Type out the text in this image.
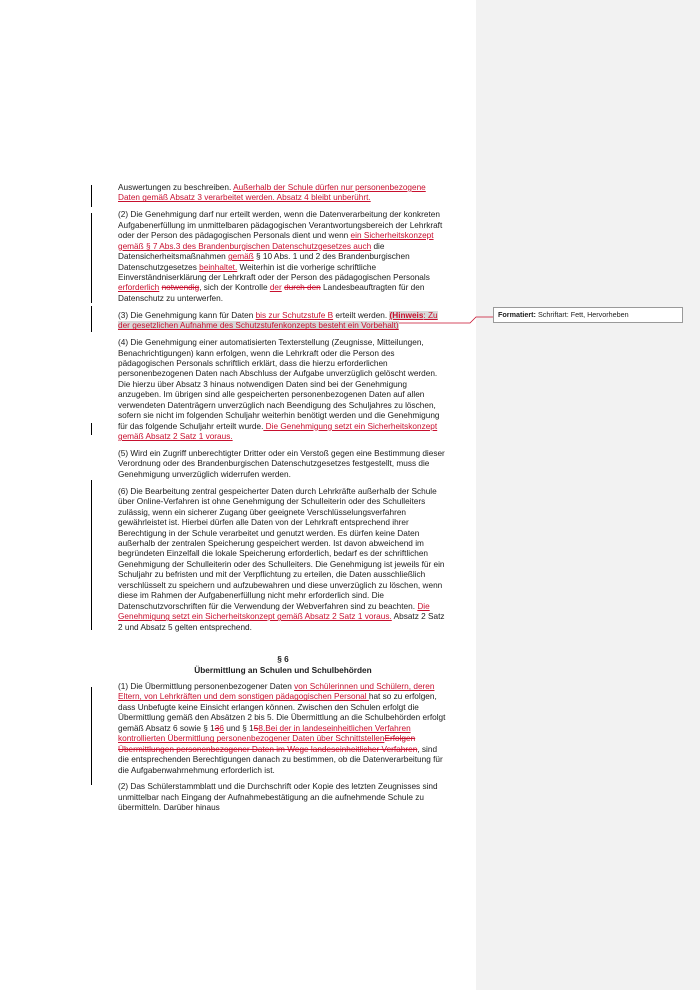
Formatiert: Schriftart: Fett, Hervorheben

Auswertungen zu beschreiben. Außerhalb der Schule dürfen nur personenbezogene Daten gemäß Absatz 3 verarbeitet werden. Absatz 4 bleibt unberührt.

(2) Die Genehmigung darf nur erteilt werden, wenn die Datenverarbeitung der konkreten Aufgabenerfüllung im unmittelbaren pädagogischen Verantwortungsbereich der Lehrkraft oder der Person des pädagogischen Personals dient und wenn ein Sicherheitskonzept gemäß § 7 Abs.3 des Brandenburgischen Datenschutzgesetzes auch die Datensicherheitsmaßnahmen gemäß § 10 Abs. 1 und 2 des Brandenburgischen Datenschutzgesetzes beinhaltet. Weiterhin ist die vorherige schriftliche Einverständniserklärung der Lehrkraft oder der Person des pädagogischen Personals erforderlich notwendig, sich der Kontrolle der durch den Landesbeauftragten für den Datenschutz zu unterwerfen.

(3) Die Genehmigung kann für Daten bis zur Schutzstufe B erteilt werden. (Hinweis: Zu der gesetzlichen Aufnahme des Schutzstufenkonzepts besteht ein Vorbehalt)

(4) Die Genehmigung einer automatisierten Texterstellung (Zeugnisse, Mitteilungen, Benachrichtigungen) kann erfolgen, wenn die Lehrkraft oder die Person des pädagogischen Personals schriftlich erklärt, dass die hierzu erforderlichen personenbezogenen Daten nach Abschluss der Aufgabe unverzüglich gelöscht werden. Die hierzu über Absatz 3 hinaus notwendigen Daten sind bei der Genehmigung anzugeben. Im übrigen sind alle gespeicherten personenbezogenen Daten auf allen verwendeten Datenträgern unverzüglich nach Beendigung des Schuljahres zu löschen, sofern sie nicht im folgenden Schuljahr weiterhin benötigt werden und die Genehmigung für das folgende Schuljahr erteilt wurde. Die Genehmigung setzt ein Sicherheitskonzept gemäß Absatz 2 Satz 1 voraus.

(5) Wird ein Zugriff unberechtigter Dritter oder ein Verstoß gegen eine Bestimmung dieser Verordnung oder des Brandenburgischen Datenschutzgesetzes festgestellt, muss die Genehmigung unverzüglich widerrufen werden.

(6) Die Bearbeitung zentral gespeicherter Daten durch Lehrkräfte außerhalb der Schule über Online-Verfahren ist ohne Genehmigung der Schulleiterin oder des Schulleiters zulässig, wenn ein sicherer Zugang über geeignete Verschlüsselungsverfahren gewährleistet ist. Hierbei dürfen alle Daten von der Lehrkraft entsprechend ihrer Berechtigung in der Schule verarbeitet und genutzt werden. Es dürfen keine Daten außerhalb der zentralen Speicherung gespeichert werden. Ist davon abweichend im begründeten Einzelfall die lokale Speicherung erforderlich, bedarf es der schriftlichen Genehmigung der Schulleiterin oder des Schulleiters. Die Genehmigung ist jeweils für ein Schuljahr zu befristen und mit der Verpflichtung zu erteilen, die Daten ausschließlich verschlüsselt zu speichern und aufzubewahren und diese unverzüglich zu löschen, wenn diese im Rahmen der Aufgabenerfüllung nicht mehr erforderlich sind. Die Datenschutzvorschriften für die Verwendung der Webverfahren sind zu beachten. Die Genehmigung setzt ein Sicherheitskonzept gemäß Absatz 2 Satz 1 voraus. Absatz 2 Satz 2 und Absatz 5 gelten entsprechend.

§ 6
Übermittlung an Schulen und Schulbehörden

(1) Die Übermittlung personenbezogener Daten von Schülerinnen und Schülern, deren Eltern, von Lehrkräften und dem sonstigen pädagogischen Personal hat so zu erfolgen, dass Unbefugte keine Einsicht erlangen können. Zwischen den Schulen erfolgt die Übermittlung gemäß den Absätzen 2 bis 5. Die Übermittlung an die Schulbehörden erfolgt gemäß Absatz 6 sowie § 136 und § 158.Bei der in landeseinheitlichen Verfahren kontrollierten Übermittlung personenbezogener Daten über SchnittstellenErfolgen Übermittlungen personenbezogener Daten im Wege landeseinheitlicher Verfahren, sind die entsprechenden Berechtigungen danach zu bestimmen, ob die Datenverarbeitung für die Aufgabenwahrnehmung erforderlich ist.

(2) Das Schülerstammblatt und die Durchschrift oder Kopie des letzten Zeugnisses sind unmittelbar nach Eingang der Aufnahmebestätigung an die aufnehmende Schule zu übermitteln. Darüber hinaus
